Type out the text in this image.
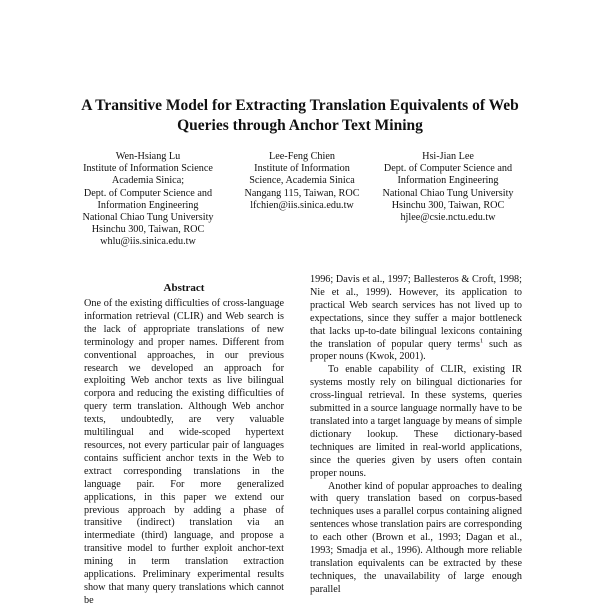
A Transitive Model for Extracting Translation Equivalents of Web Queries through Anchor Text Mining
Wen-Hsiang Lu
Institute of Information Science
Academia Sinica;
Dept. of Computer Science and
Information Engineering
National Chiao Tung University
Hsinchu 300, Taiwan, ROC
whlu@iis.sinica.edu.tw
Lee-Feng Chien
Institute of Information
Science, Academia Sinica
Nangang 115, Taiwan, ROC
lfchien@iis.sinica.edu.tw
Hsi-Jian Lee
Dept. of Computer Science and
Information Engineering
National Chiao Tung University
Hsinchu 300, Taiwan, ROC
hjlee@csie.nctu.edu.tw
Abstract

One of the existing difficulties of cross-language information retrieval (CLIR) and Web search is the lack of appropriate translations of new terminology and proper names. Different from conventional approaches, in our previous research we developed an approach for exploiting Web anchor texts as live bilingual corpora and reducing the existing difficulties of query term translation. Although Web anchor texts, undoubtedly, are very valuable multilingual and wide-scoped hypertext resources, not every particular pair of languages contains sufficient anchor texts in the Web to extract corresponding translations in the language pair. For more generalized applications, in this paper we extend our previous approach by adding a phase of transitive (indirect) translation via an intermediate (third) language, and propose a transitive model to further exploit anchor-text mining in term translation extraction applications. Preliminary experimental results show that many query translations which cannot be

1996; Davis et al., 1997; Ballesteros & Croft, 1998; Nie et al., 1999). However, its application to practical Web search services has not lived up to expectations, since they suffer a major bottleneck that lacks up-to-date bilingual lexicons containing the translation of popular query terms$^1$ such as proper nouns (Kwok, 2001).

To enable capability of CLIR, existing IR systems mostly rely on bilingual dictionaries for cross-lingual retrieval. In these systems, queries submitted in a source language normally have to be translated into a target language by means of simple dictionary lookup. These dictionary-based techniques are limited in real-world applications, since the queries given by users often contain proper nouns.

Another kind of popular approaches to dealing with query translation based on corpus-based techniques uses a parallel corpus containing aligned sentences whose translation pairs are corresponding to each other (Brown et al., 1993; Dagan et al., 1993; Smadja et al., 1996). Although more reliable translation equivalents can be extracted by these techniques, the unavailability of large enough parallel
